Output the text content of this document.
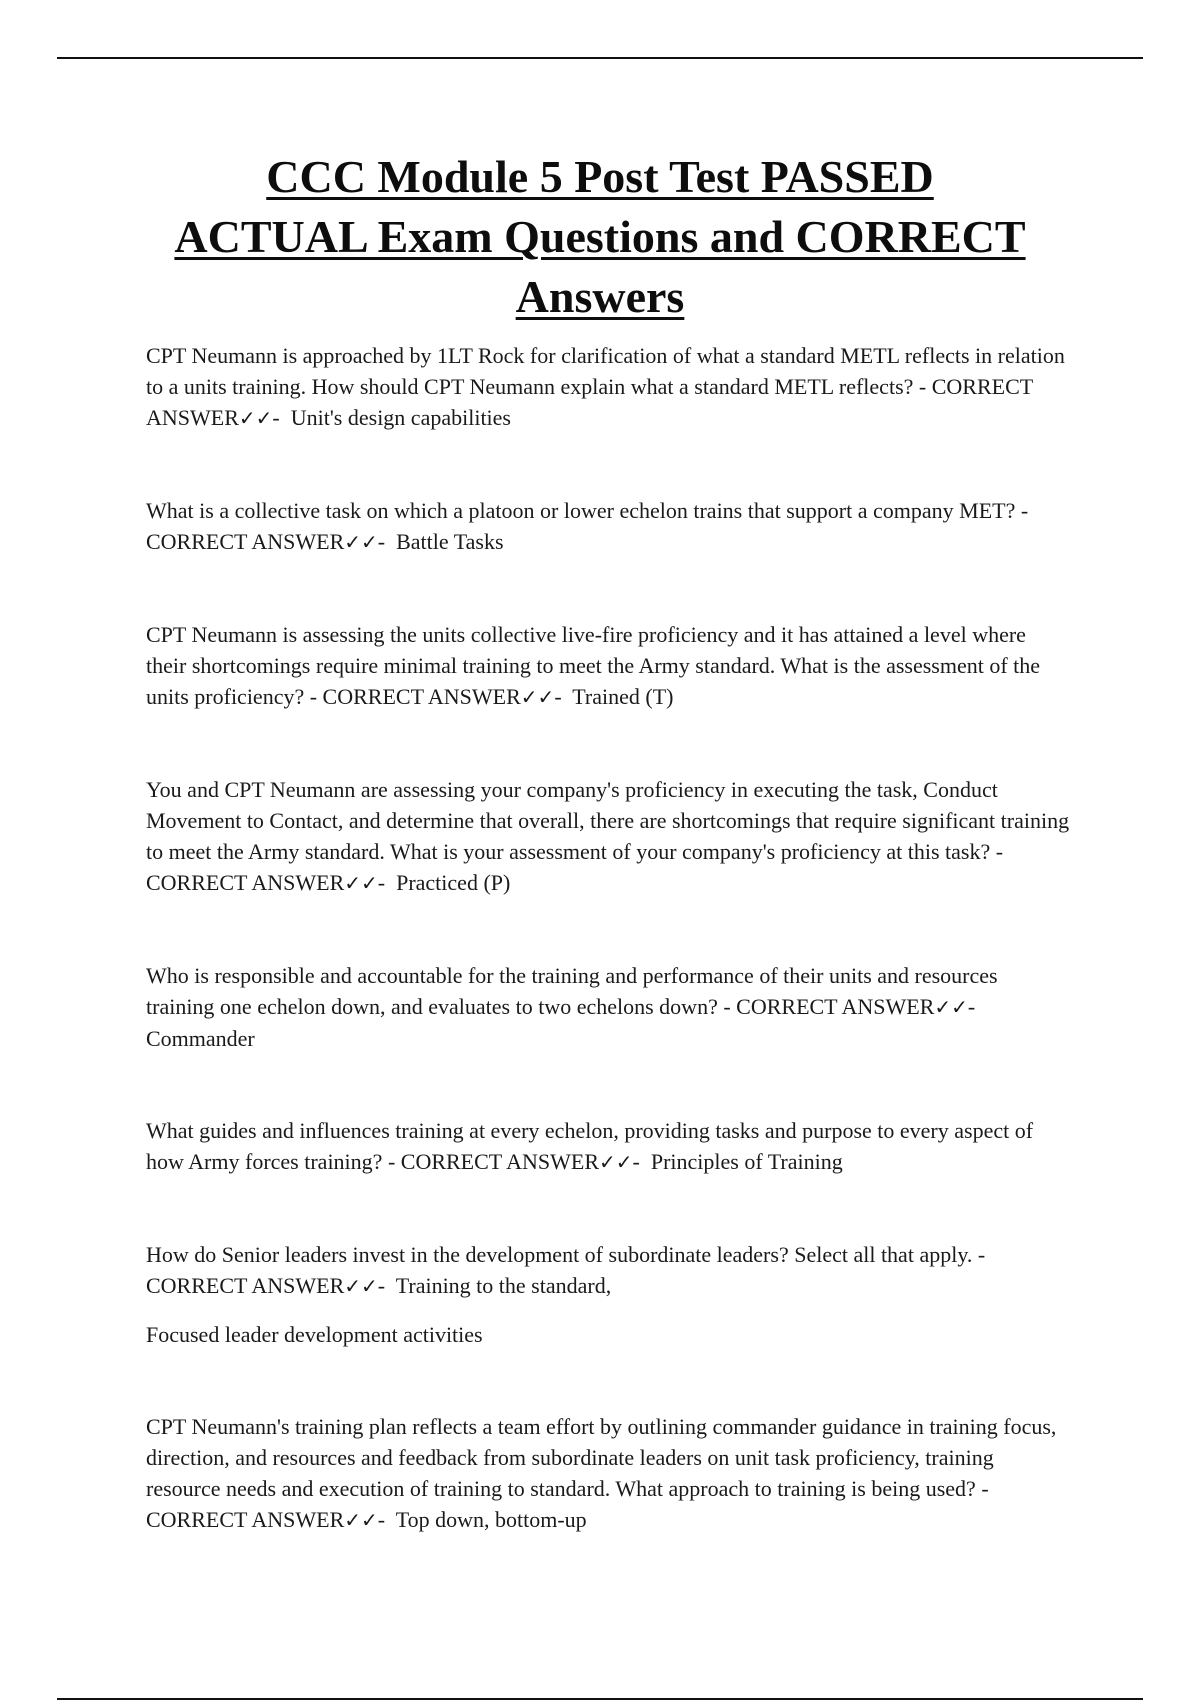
CCC Module 5 Post Test PASSED
ACTUAL Exam Questions and CORRECT
Answers

CPT Neumann is approached by 1LT Rock for clarification of what a standard METL reflects in relation to a units training. How should CPT Neumann explain what a standard METL reflects? - CORRECT ANSWER✓✓-  Unit's design capabilities

What is a collective task on which a platoon or lower echelon trains that support a company MET? - CORRECT ANSWER✓✓-  Battle Tasks

CPT Neumann is assessing the units collective live-fire proficiency and it has attained a level where their shortcomings require minimal training to meet the Army standard. What is the assessment of the units proficiency? - CORRECT ANSWER✓✓-  Trained (T)

You and CPT Neumann are assessing your company's proficiency in executing the task, Conduct Movement to Contact, and determine that overall, there are shortcomings that require significant training to meet the Army standard. What is your assessment of your company's proficiency at this task? - CORRECT ANSWER✓✓-  Practiced (P)

Who is responsible and accountable for the training and performance of their units and resources training one echelon down, and evaluates to two echelons down? - CORRECT ANSWER✓✓-  Commander

What guides and influences training at every echelon, providing tasks and purpose to every aspect of how Army forces training? - CORRECT ANSWER✓✓-  Principles of Training

How do Senior leaders invest in the development of subordinate leaders? Select all that apply. - CORRECT ANSWER✓✓-  Training to the standard,

Focused leader development activities

CPT Neumann's training plan reflects a team effort by outlining commander guidance in training focus, direction, and resources and feedback from subordinate leaders on unit task proficiency, training resource needs and execution of training to standard. What approach to training is being used? - CORRECT ANSWER✓✓-  Top down, bottom-up
